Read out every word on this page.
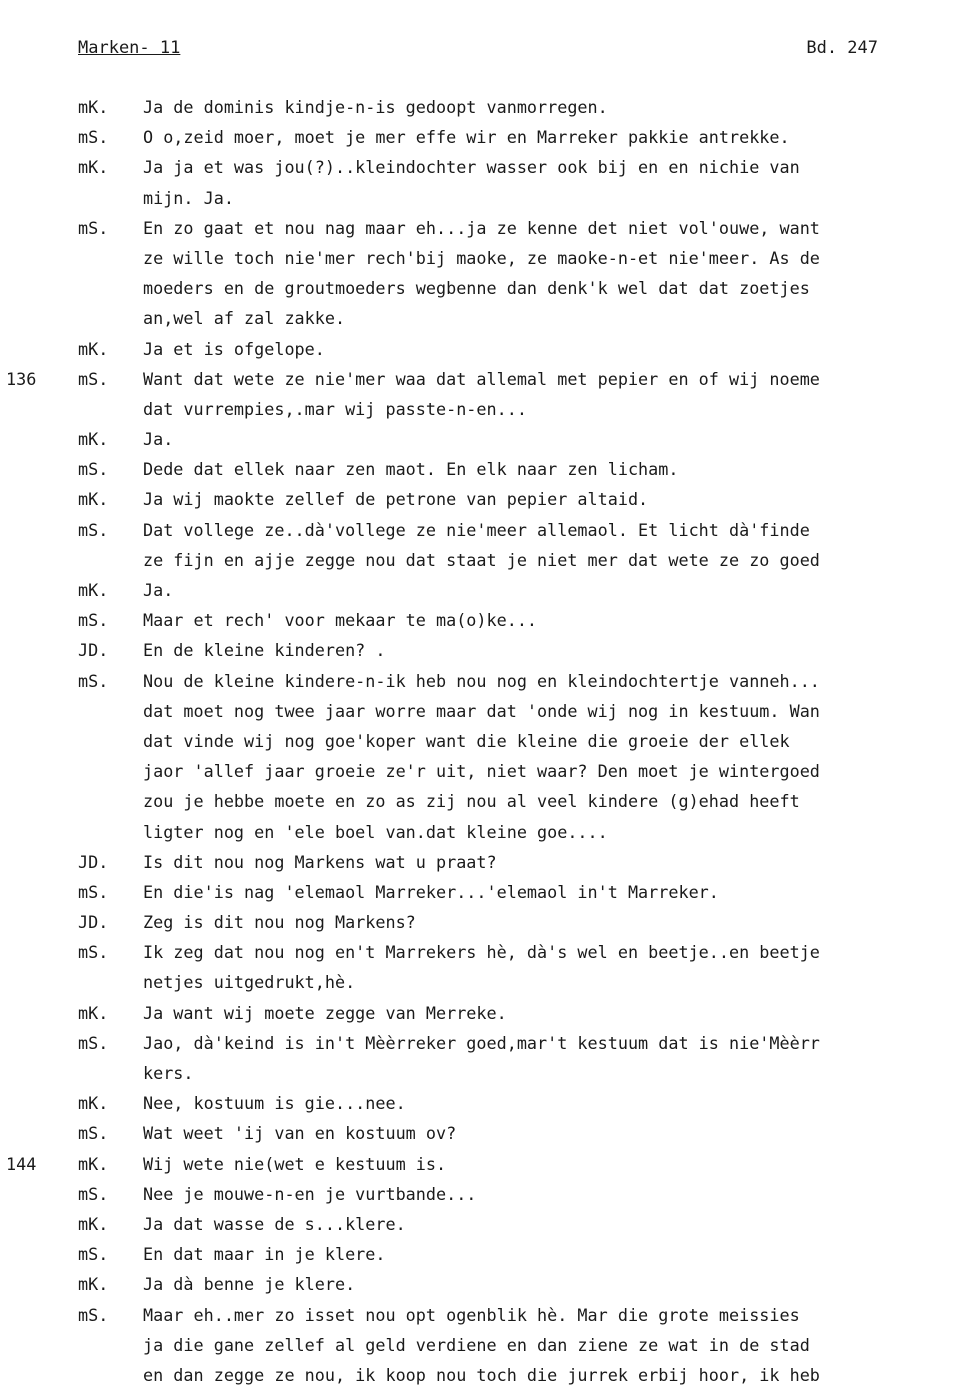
Marken- 11	Bd. 247
mK.	Ja de dominis kindje-n-is gedoopt vanmorregen.
mS.	O o,zeid moer, moet je mer effe wir en Marreker pakkie antrekke.
mK.	Ja ja et was jou(?)..kleindochter wasser ook bij en en nichie van
mijn. Ja.
mS.	En zo gaat et nou nag maar eh...ja ze kenne det niet vol'ouwe, want
ze wille toch nie'mer rech'bij maoke, ze maoke-n-et nie'meer. As de
moeders en de groutmoeders wegbenne dan denk'k wel dat dat zoetjes
an,wel af zal zakke.
mK.	Ja et is ofgelope.
136	mS.	Want dat wete ze nie'mer waa dat allemal met pepier en of wij noeme
dat vurrempies,.mar wij passte-n-en...
mK.	Ja.
mS.	Dede dat ellek naar zen maot. En elk naar zen licham.
mK.	Ja wij maokte zellef de petrone van pepier altaid.
mS.	Dat vollege ze..dà'vollege ze nie'meer allemaol. Et licht dà'finde
ze fijn en ajje zegge nou dat staat je niet mer dat wete ze zo goed
mK.	Ja.
mS.	Maar et rech' voor mekaar te ma(o)ke...
JD.	En de kleine kinderen? .
mS.	Nou de kleine kindere-n-ik heb nou nog en kleindochtertje vanneh...
dat moet nog twee jaar worre maar dat 'onde wij nog in kestuum. Wan
dat vinde wij nog goe'koper want die kleine die groeie der ellek
jaor 'allef jaar groeie ze'r uit, niet waar? Den moet je wintergoed
zou je hebbe moete en zo as zij nou al veel kindere (g)ehad heeft
ligter nog en 'ele boel van.dat kleine goe....
JD.	Is dit nou nog Markens wat u praat?
mS.	En die'is nag 'elemaol Marreker...'elemaol in't Marreker.
JD.	Zeg is dit nou nog Markens?
mS.	Ik zeg dat nou nog en't Marrekers hè, dà's wel en beetje..en beetje
netjes uitgedrukt,hè.
mK.	Ja want wij moete zegge van Merreke.
mS.	Jao, dà'keind is in't Mèèrreker goed,mar't kestuum dat is nie'Mèèrr
kers.
mK.	Nee, kostuum is gie...nee.
mS.	Wat weet 'ij van en kostuum ov?
144	mK.	Wij wete nie(wet e kestuum is.
mS.	Nee je mouwe-n-en je vurtbande...
mK.	Ja dat wasse de s...klere.
mS.	En dat maar in je klere.
mK.	Ja dà benne je klere.
mS.	Maar eh..mer zo isset nou opt ogenblik hè. Mar die grote meissies
ja die gane zellef al geld verdiene en dan ziene ze wat in de stad
en dan zegge ze nou, ik koop nou toch die jurrek erbij hoor, ik heb
